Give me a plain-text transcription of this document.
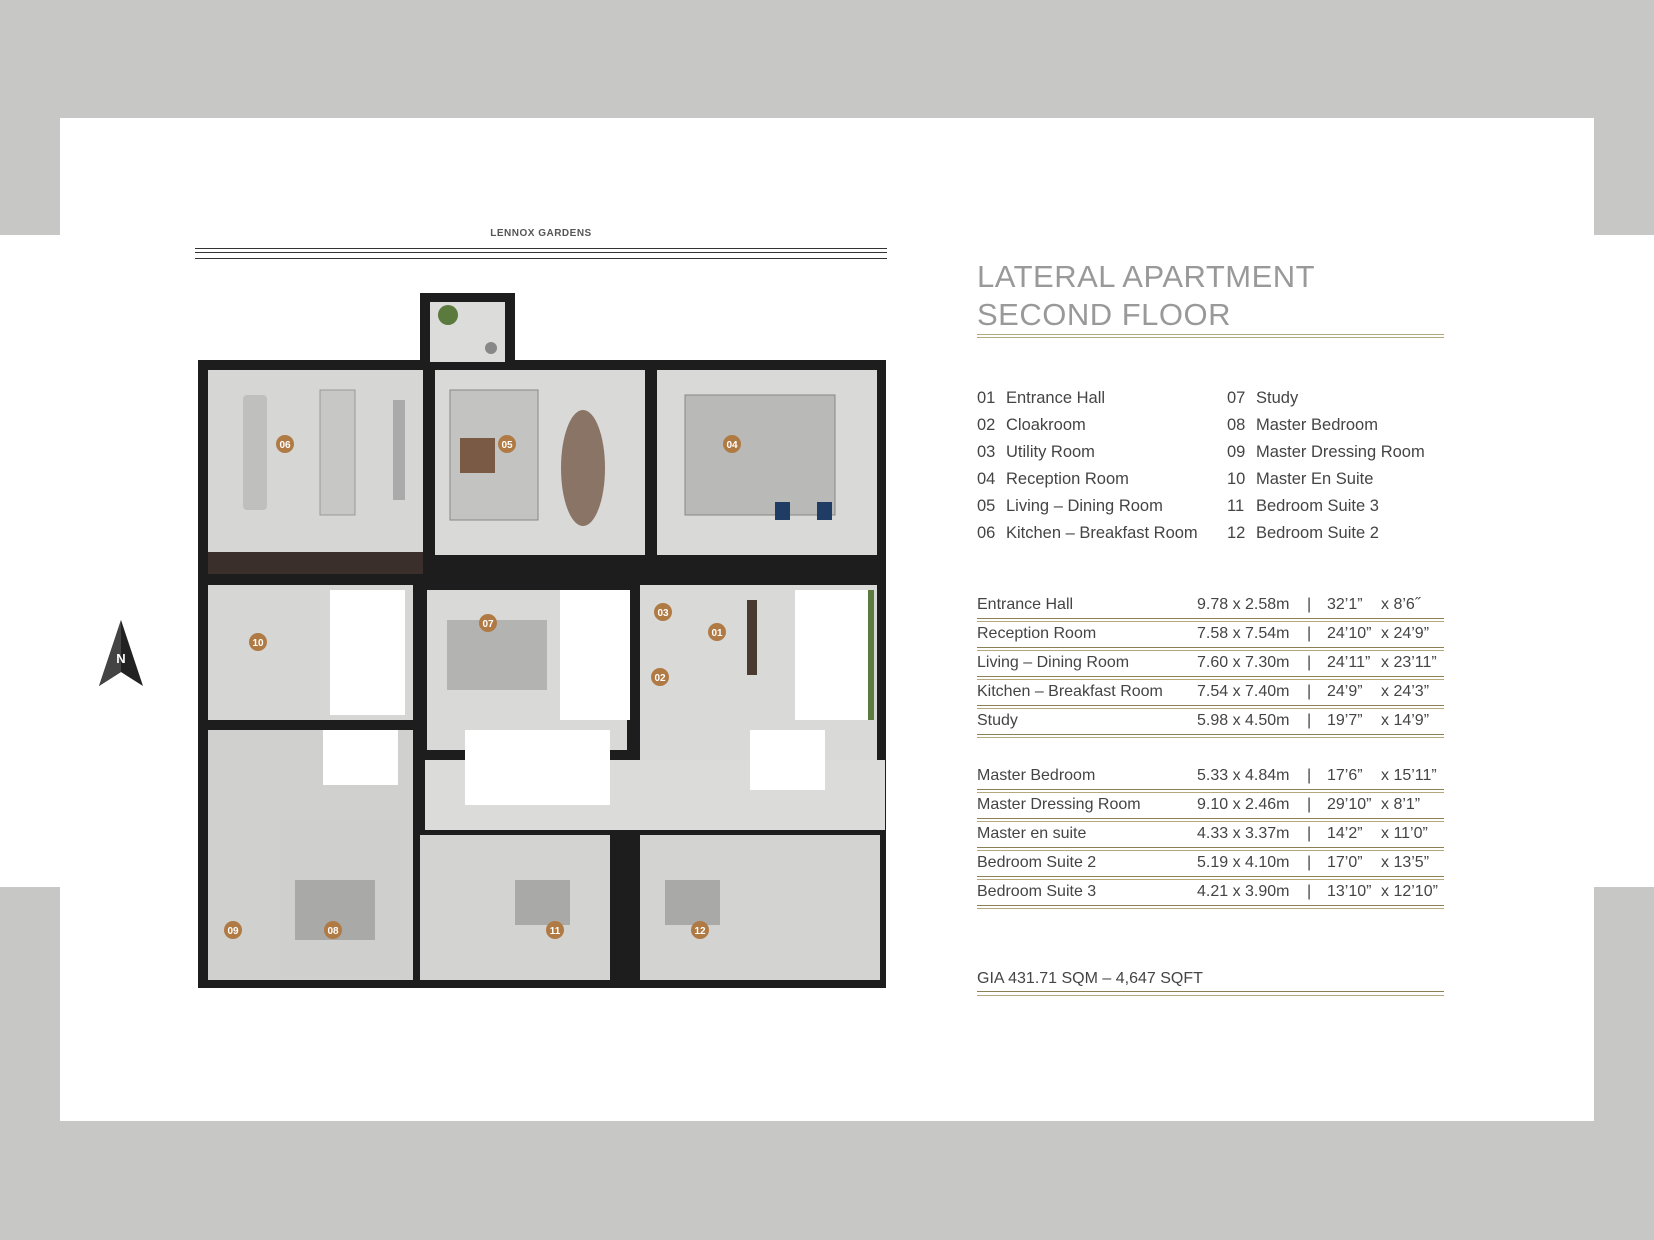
LENNOX GARDENS
N
06	05	04
10
07
03
01
02
09	08	11	12
LATERAL APARTMENT
SECOND FLOOR
01 Entrance Hall
02 Cloakroom
03 Utility Room
04 Reception Room
05 Living – Dining Room
06 Kitchen – Breakfast Room
07 Study
08 Master Bedroom
09 Master Dressing Room
10 Master En Suite
11 Bedroom Suite 3
12 Bedroom Suite 2
Entrance Hall	9.78 x 2.58m | 32’1” x 8’6˝
Reception Room	7.58 x 7.54m | 24’10” x 24’9”
Living – Dining Room	7.60 x 7.30m | 24’11” x 23’11”
Kitchen – Breakfast Room 7.54 x 7.40m | 24’9” x 24’3”
Study	5.98 x 4.50m | 19’7” x 14’9”
Master Bedroom	5.33 x 4.84m | 17’6” x 15’11”
Master Dressing Room	9.10 x 2.46m | 29’10” x 8’1”
Master en suite	4.33 x 3.37m | 14’2” x 11’0”
Bedroom Suite 2	5.19 x 4.10m | 17’0” x 13’5”
Bedroom Suite 3	4.21 x 3.90m | 13’10” x 12’10”
GIA 431.71 SQM – 4,647 SQFT
